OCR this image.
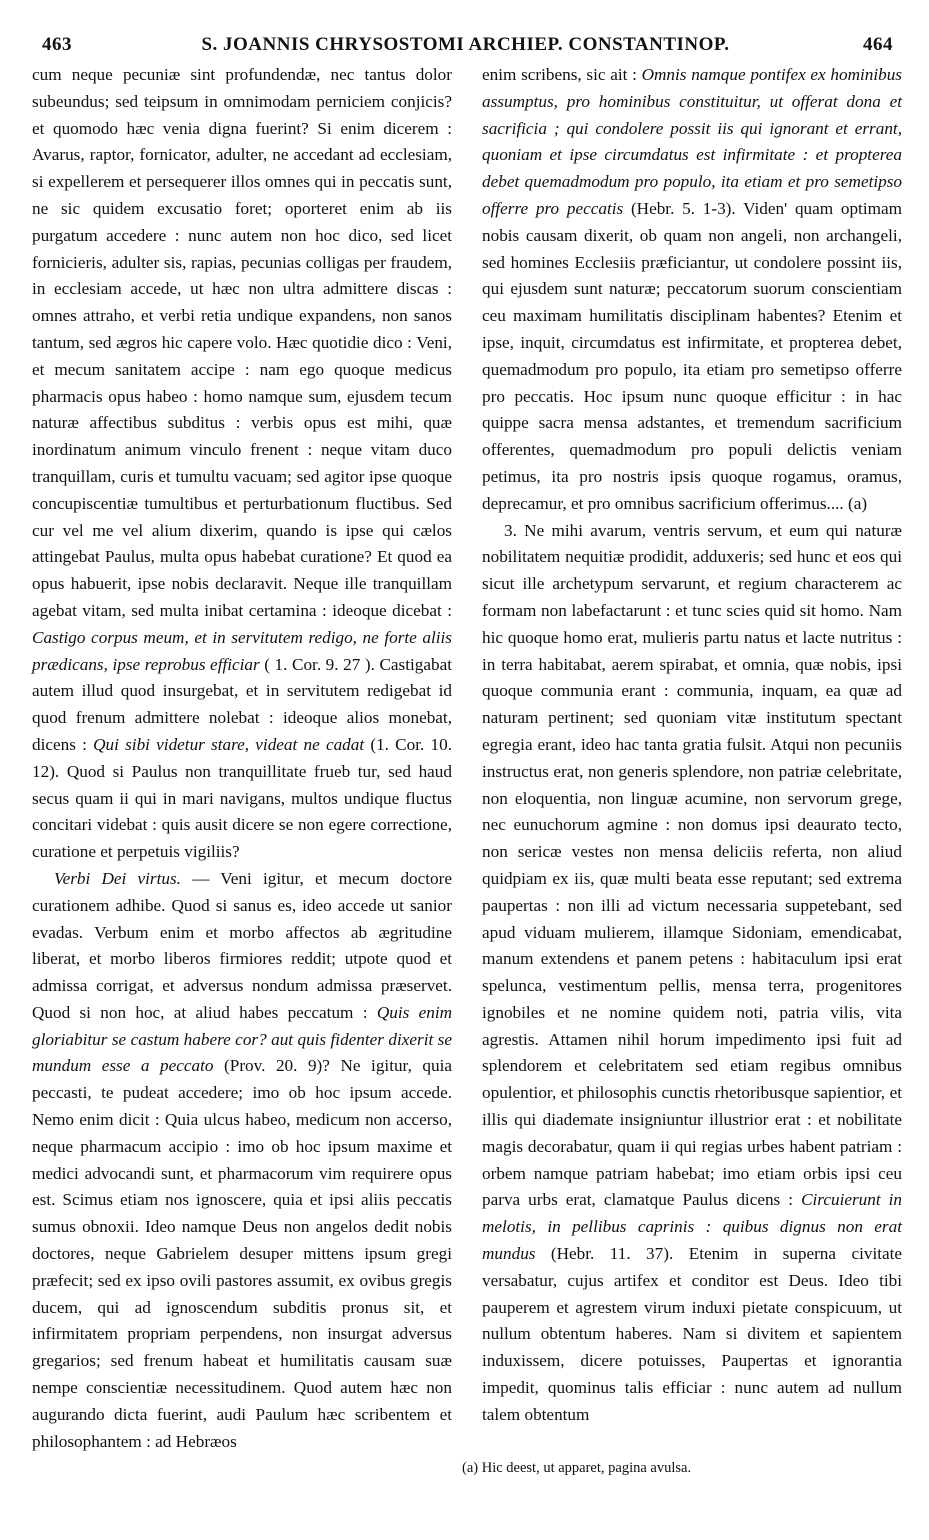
463	S. JOANNIS CHRYSOSTOMI ARCHIEP. CONSTANTINOP.	464

cum neque pecuniæ sint profundendæ, nec tantus dolor subeundus; sed teipsum in omnimodam perniciem conjicis? et quomodo hæc venia digna fuerint? Si enim dicerem : Avarus, raptor, fornicator, adulter, ne accedant ad ecclesiam, si expellerem et persequerer illos omnes qui in peccatis sunt, ne sic quidem excusatio foret; oporteret enim ab iis purgatum accedere : nunc autem non hoc dico, sed licet fornicieris, adulter sis, rapias, pecunias colligas per fraudem, in ecclesiam accede, ut hæc non ultra admittere discas : omnes attraho, et verbi retia undique expandens, non sanos tantum, sed ægros hic capere volo. Hæc quotidie dico : Veni, et mecum sanitatem accipe : nam ego quoque medicus pharmacis opus habeo : homo namque sum, ejusdem tecum naturæ affectibus subditus : verbis opus est mihi, quæ inordinatum animum vinculo frenent : neque vitam duco tranquillam, curis et tumultu vacuam; sed agitor ipse quoque concupiscentiæ tumultibus et perturbationum fluctibus. Sed cur vel me vel alium dixerim, quando is ipse qui cælos attingebat Paulus, multa opus habebat curatione? Et quod ea opus habuerit, ipse nobis declaravit. Neque ille tranquillam agebat vitam, sed multa inibat certamina : ideoque dicebat : Castigo corpus meum, et in servitutem redigo, ne forte aliis prædicans, ipse reprobus efficiar ( 1. Cor. 9. 27 ). Castigabat autem illud quod insurgebat, et in servitutem redigebat id quod frenum admittere nolebat : ideoque alios monebat, dicens : Qui sibi videtur stare, videat ne cadat (1. Cor. 10. 12). Quod si Paulus non tranquillitate frueb tur, sed haud secus quam ii qui in mari navigans, multos undique fluctus concitari videbat : quis ausit dicere se non egere correctione, curatione et perpetuis vigiliis?

Verbi Dei virtus. — Veni igitur, et mecum doctore curationem adhibe. Quod si sanus es, ideo accede ut sanior evadas. Verbum enim et morbo affectos ab ægritudine liberat, et morbo liberos firmiores reddit; utpote quod et admissa corrigat, et adversus nondum admissa præservet. Quod si non hoc, at aliud habes peccatum : Quis enim gloriabitur se castum habere cor? aut quis fidenter dixerit se mundum esse a peccato (Prov. 20. 9)? Ne igitur, quia peccasti, te pudeat accedere; imo ob hoc ipsum accede. Nemo enim dicit : Quia ulcus habeo, medicum non accerso, neque pharmacum accipio : imo ob hoc ipsum maxime et medici advocandi sunt, et pharmacorum vim requirere opus est. Scimus etiam nos ignoscere, quia et ipsi aliis peccatis sumus obnoxii. Ideo namque Deus non angelos dedit nobis doctores, neque Gabrielem desuper mittens ipsum gregi præfecit; sed ex ipso ovili pastores assumit, ex ovibus gregis ducem, qui ad ignoscendum subditis pronus sit, et infirmitatem propriam perpendens, non insurgat adversus gregarios; sed frenum habeat et humilitatis causam suæ nempe conscientiæ necessitudinem. Quod autem hæc non augurando dicta fuerint, audi Paulum hæc scribentem et philosophantem : ad Hebræos

enim scribens, sic ait : Omnis namque pontifex ex hominibus assumptus, pro hominibus constituitur, ut offerat dona et sacrificia ; qui condolere possit iis qui ignorant et errant, quoniam et ipse circumdatus est infirmitate : et propterea debet quemadmodum pro populo, ita etiam et pro semetipso offerre pro peccatis (Hebr. 5. 1-3). Viden' quam optimam nobis causam dixerit, ob quam non angeli, non archangeli, sed homines Ecclesiis præficiantur, ut condolere possint iis, qui ejusdem sunt naturæ; peccatorum suorum conscientiam ceu maximam humilitatis disciplinam habentes? Etenim et ipse, inquit, circumdatus est infirmitate, et propterea debet, quemadmodum pro populo, ita etiam pro semetipso offerre pro peccatis. Hoc ipsum nunc quoque efficitur : in hac quippe sacra mensa adstantes, et tremendum sacrificium offerentes, quemadmodum pro populi delictis veniam petimus, ita pro nostris ipsis quoque rogamus, oramus, deprecamur, et pro omnibus sacrificium offerimus.... (a)

3. Ne mihi avarum, ventris servum, et eum qui naturæ nobilitatem nequitiæ prodidit, adduxeris; sed hunc et eos qui sicut ille archetypum servarunt, et regium characterem ac formam non labefactarunt : et tunc scies quid sit homo. Nam hic quoque homo erat, mulieris partu natus et lacte nutritus : in terra habitabat, aerem spirabat, et omnia, quæ nobis, ipsi quoque communia erant : communia, inquam, ea quæ ad naturam pertinent; sed quoniam vitæ institutum spectant egregia erant, ideo hac tanta gratia fulsit. Atqui non pecuniis instructus erat, non generis splendore, non patriæ celebritate, non eloquentia, non linguæ acumine, non servorum grege, nec eunuchorum agmine : non domus ipsi deaurato tecto, non sericæ vestes non mensa deliciis referta, non aliud quidpiam ex iis, quæ multi beata esse reputant; sed extrema paupertas : non illi ad victum necessaria suppetebant, sed apud viduam mulierem, illamque Sidoniam, emendicabat, manum extendens et panem petens : habitaculum ipsi erat spelunca, vestimentum pellis, mensa terra, progenitores ignobiles et ne nomine quidem noti, patria vilis, vita agrestis. Attamen nihil horum impedimento ipsi fuit ad splendorem et celebritatem sed etiam regibus omnibus opulentior, et philosophis cunctis rhetoribusque sapientior, et illis qui diademate insigniuntur illustrior erat : et nobilitate magis decorabatur, quam ii qui regias urbes habent patriam : orbem namque patriam habebat; imo etiam orbis ipsi ceu parva urbs erat, clamatque Paulus dicens : Circuierunt in melotis, in pellibus caprinis : quibus dignus non erat mundus (Hebr. 11. 37). Etenim in superna civitate versabatur, cujus artifex et conditor est Deus. Ideo tibi pauperem et agrestem virum induxi pietate conspicuum, ut nullum obtentum haberes. Nam si divitem et sapientem induxissem, dicere potuisses, Paupertas et ignorantia impedit, quominus talis efficiar : nunc autem ad nullum talem obtentum

(a) Hic deest, ut apparet, pagina avulsa.
